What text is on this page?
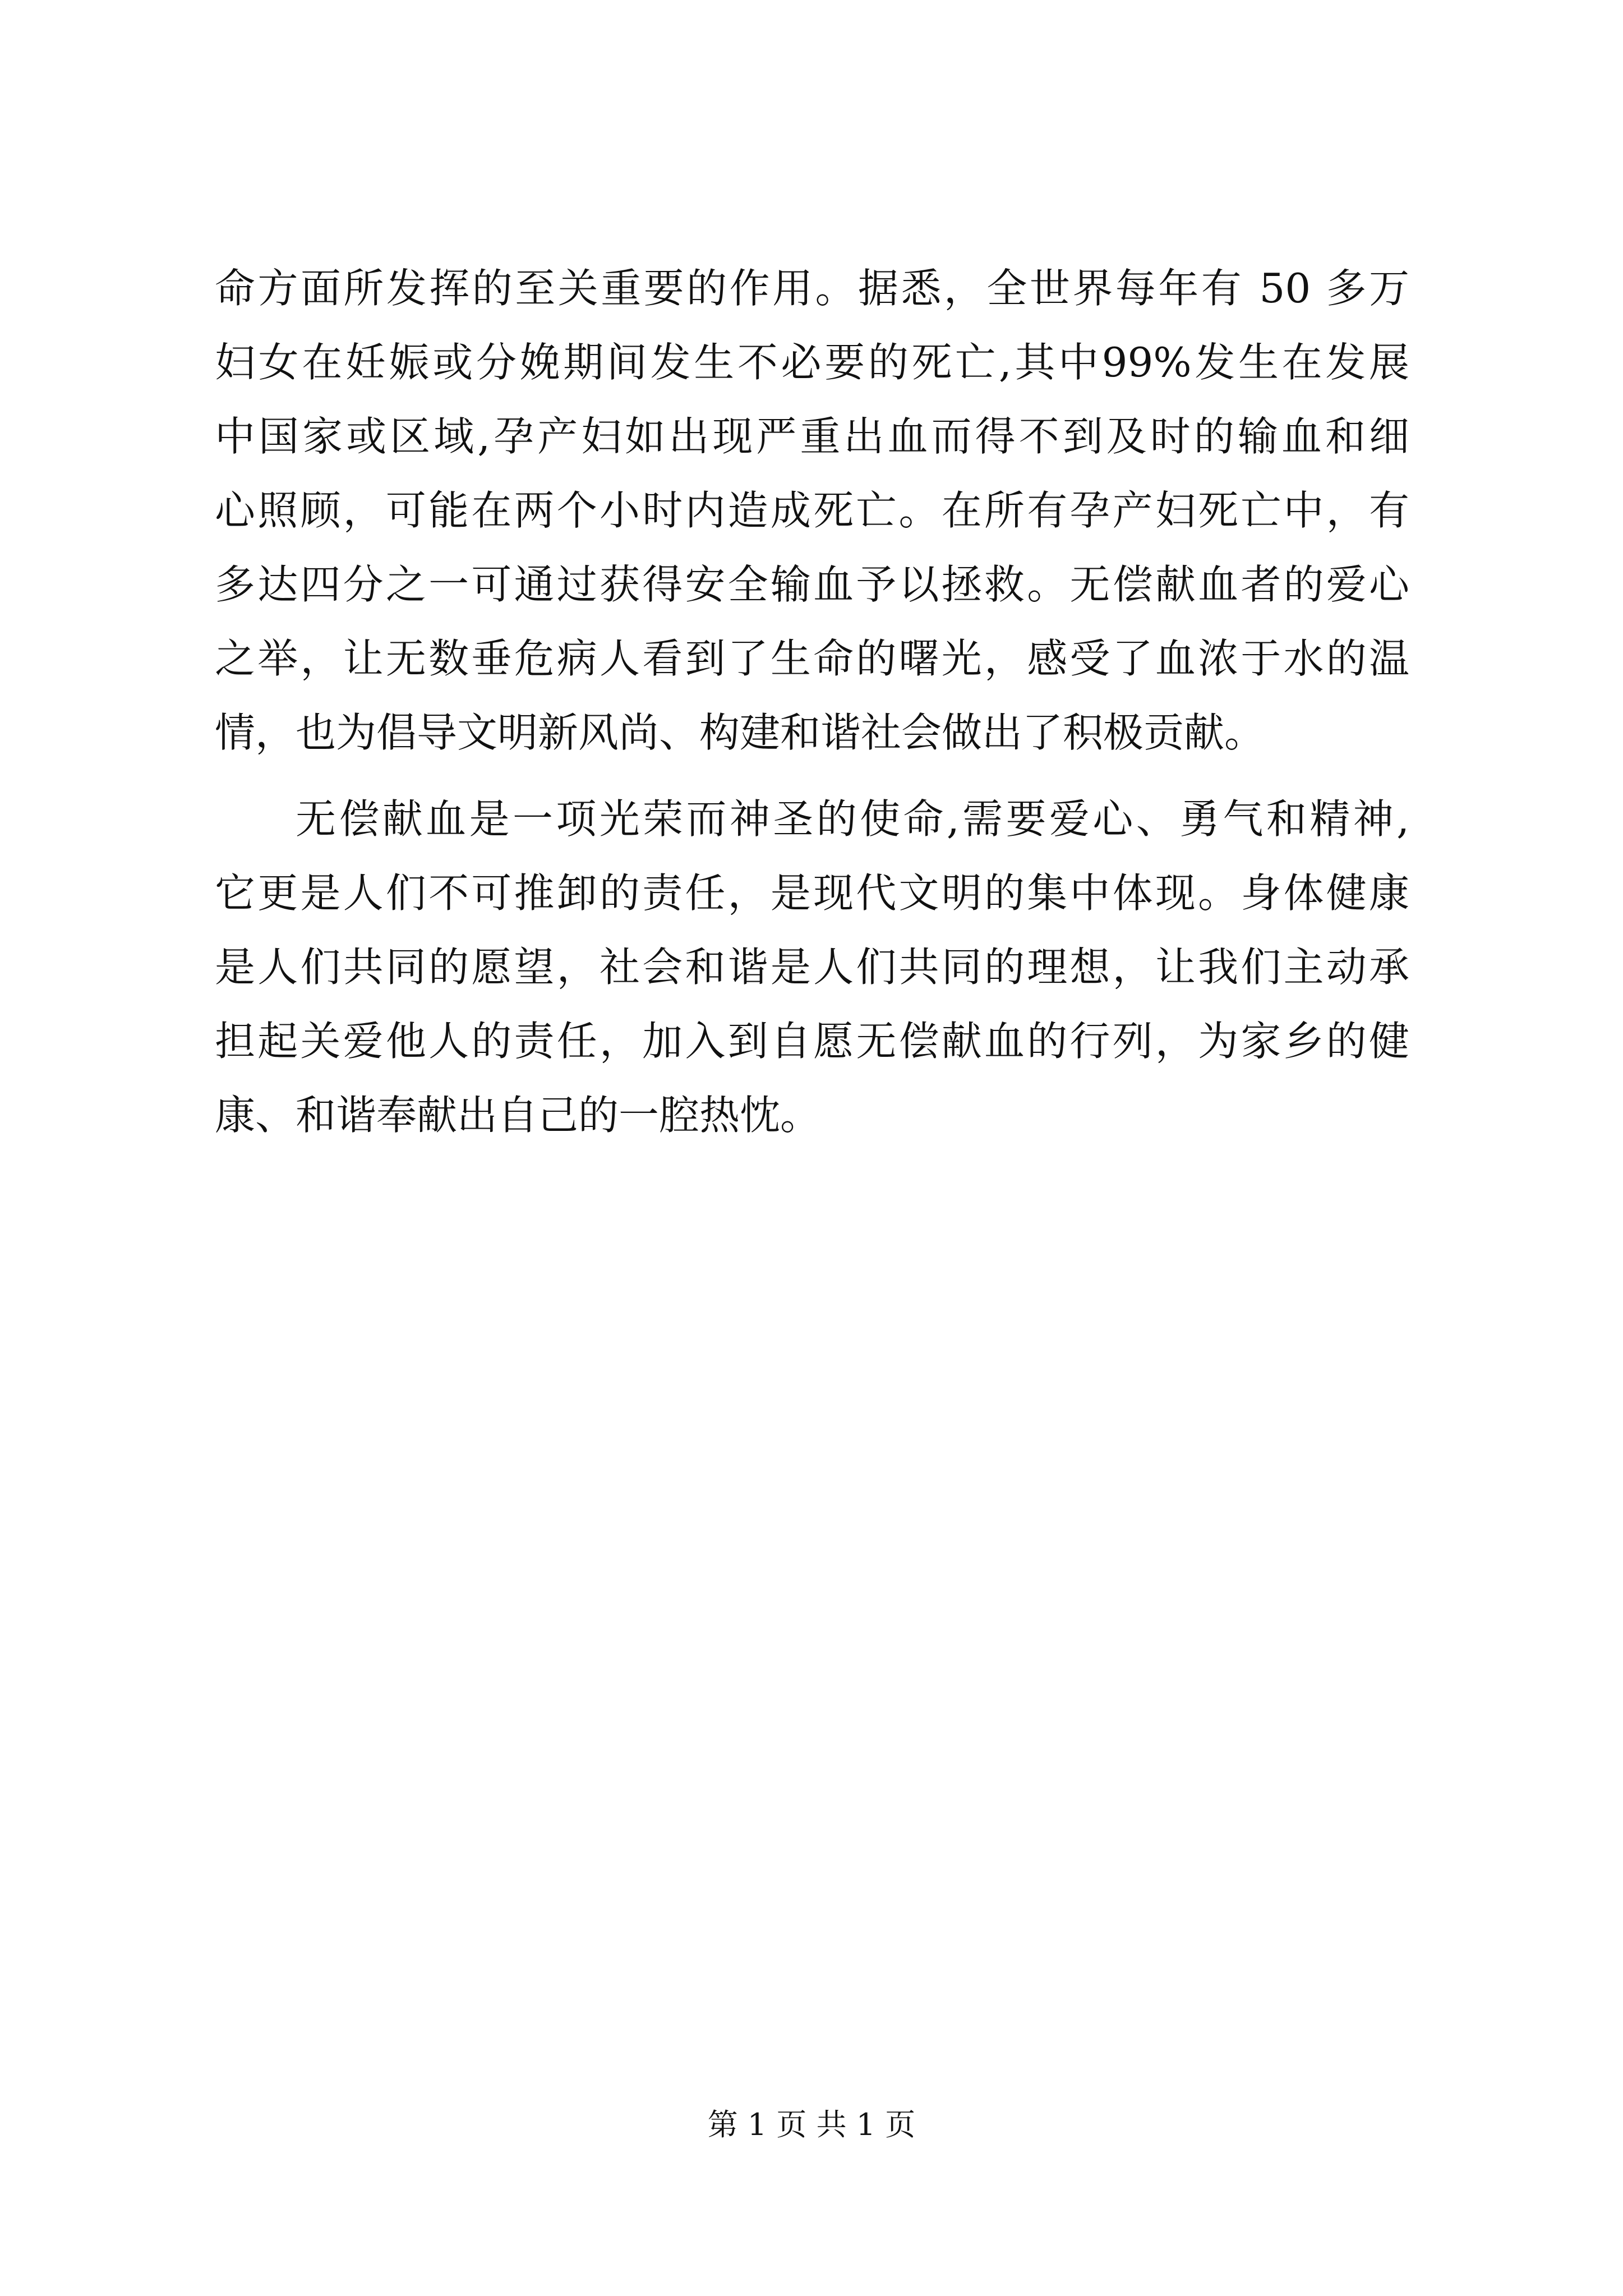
命方面所发挥的至关重要的作用。据悉，全世界每年有 50 多万
妇女在妊娠或分娩期间发生不必要的死亡,其中99%发生在发展
中国家或区域,孕产妇如出现严重出血而得不到及时的输血和细
心照顾，可能在两个小时内造成死亡。在所有孕产妇死亡中，有
多达四分之一可通过获得安全输血予以拯救。无偿献血者的爱心
之举，让无数垂危病人看到了生命的曙光，感受了血浓于水的温
情，也为倡导文明新风尚、构建和谐社会做出了积极贡献。
无偿献血是一项光荣而神圣的使命,需要爱心、勇气和精神,
它更是人们不可推卸的责任，是现代文明的集中体现。身体健康
是人们共同的愿望，社会和谐是人们共同的理想，让我们主动承
担起关爱他人的责任，加入到自愿无偿献血的行列，为家乡的健
康、和谐奉献出自己的一腔热忱。
第 1 页 共 1 页
